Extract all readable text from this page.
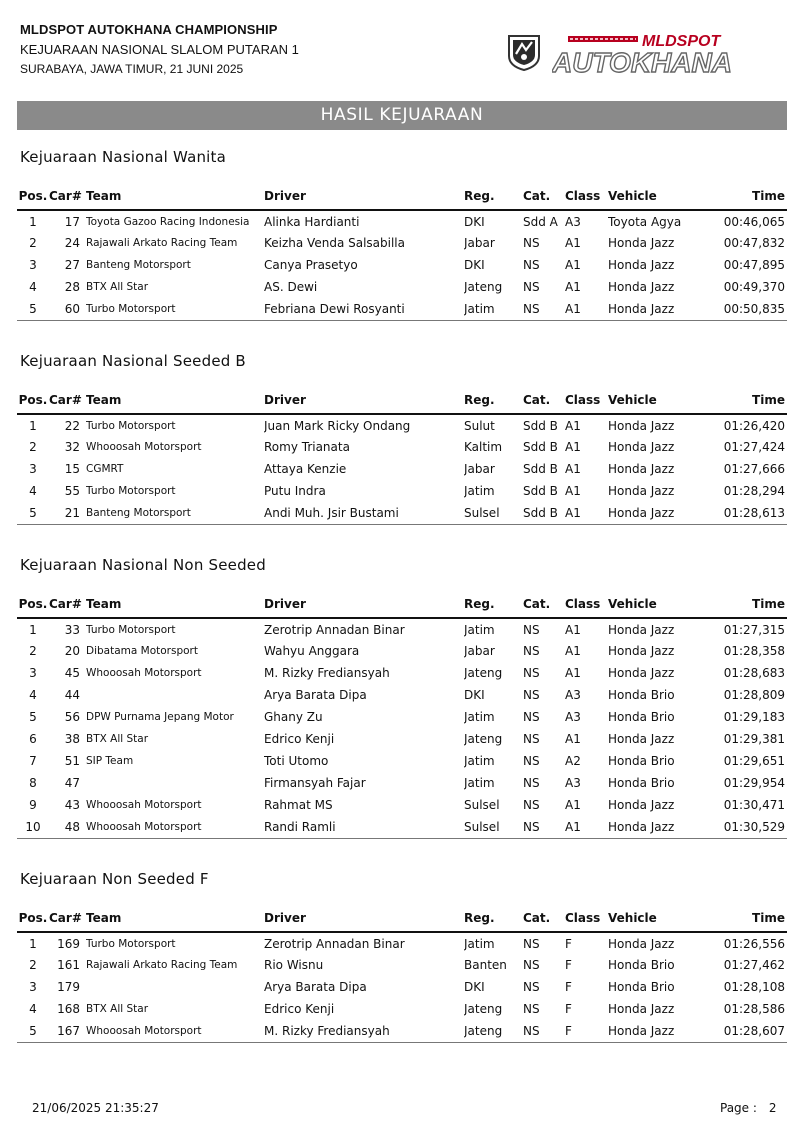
MLDSPOT AUTOKHANA CHAMPIONSHIP
KEJUARAAN NASIONAL SLALOM PUTARAN 1
SURABAYA, JAWA TIMUR, 21 JUNI 2025
MLDSPOT
AUTOKHANA
HASIL KEJUARAAN
Kejuaraan Nasional Wanita
Pos.	Car#	Team	Driver	Reg.	Cat.	Class	Vehicle	Time
1	17	Toyota Gazoo Racing Indonesia	Alinka Hardianti	DKI	Sdd A	A3	Toyota Agya	00:46,065
2	24	Rajawali Arkato Racing Team	Keizha Venda Salsabilla	Jabar	NS	A1	Honda Jazz	00:47,832
3	27	Banteng Motorsport	Canya Prasetyo	DKI	NS	A1	Honda Jazz	00:47,895
4	28	BTX All Star	AS. Dewi	Jateng	NS	A1	Honda Jazz	00:49,370
5	60	Turbo Motorsport	Febriana Dewi Rosyanti	Jatim	NS	A1	Honda Jazz	00:50,835
Kejuaraan Nasional Seeded B
Pos.	Car#	Team	Driver	Reg.	Cat.	Class	Vehicle	Time
1	22	Turbo Motorsport	Juan Mark Ricky Ondang	Sulut	Sdd B	A1	Honda Jazz	01:26,420
2	32	Whooosah Motorsport	Romy Trianata	Kaltim	Sdd B	A1	Honda Jazz	01:27,424
3	15	CGMRT	Attaya Kenzie	Jabar	Sdd B	A1	Honda Jazz	01:27,666
4	55	Turbo Motorsport	Putu Indra	Jatim	Sdd B	A1	Honda Jazz	01:28,294
5	21	Banteng Motorsport	Andi Muh. Jsir Bustami	Sulsel	Sdd B	A1	Honda Jazz	01:28,613
Kejuaraan Nasional Non Seeded
Pos.	Car#	Team	Driver	Reg.	Cat.	Class	Vehicle	Time
1	33	Turbo Motorsport	Zerotrip Annadan Binar	Jatim	NS	A1	Honda Jazz	01:27,315
2	20	Dibatama Motorsport	Wahyu Anggara	Jabar	NS	A1	Honda Jazz	01:28,358
3	45	Whooosah Motorsport	M. Rizky Frediansyah	Jateng	NS	A1	Honda Jazz	01:28,683
4	44		Arya Barata Dipa	DKI	NS	A3	Honda Brio	01:28,809
5	56	DPW Purnama Jepang Motor	Ghany Zu	Jatim	NS	A3	Honda Brio	01:29,183
6	38	BTX All Star	Edrico Kenji	Jateng	NS	A1	Honda Jazz	01:29,381
7	51	SIP Team	Toti Utomo	Jatim	NS	A2	Honda Brio	01:29,651
8	47		Firmansyah Fajar	Jatim	NS	A3	Honda Brio	01:29,954
9	43	Whooosah Motorsport	Rahmat MS	Sulsel	NS	A1	Honda Jazz	01:30,471
10	48	Whooosah Motorsport	Randi Ramli	Sulsel	NS	A1	Honda Jazz	01:30,529
Kejuaraan Non Seeded F
Pos.	Car#	Team	Driver	Reg.	Cat.	Class	Vehicle	Time
1	169	Turbo Motorsport	Zerotrip Annadan Binar	Jatim	NS	F	Honda Jazz	01:26,556
2	161	Rajawali Arkato Racing Team	Rio Wisnu	Banten	NS	F	Honda Brio	01:27,462
3	179		Arya Barata Dipa	DKI	NS	F	Honda Brio	01:28,108
4	168	BTX All Star	Edrico Kenji	Jateng	NS	F	Honda Jazz	01:28,586
5	167	Whooosah Motorsport	M. Rizky Frediansyah	Jateng	NS	F	Honda Jazz	01:28,607
21/06/2025 21:35:27	Page : 2
